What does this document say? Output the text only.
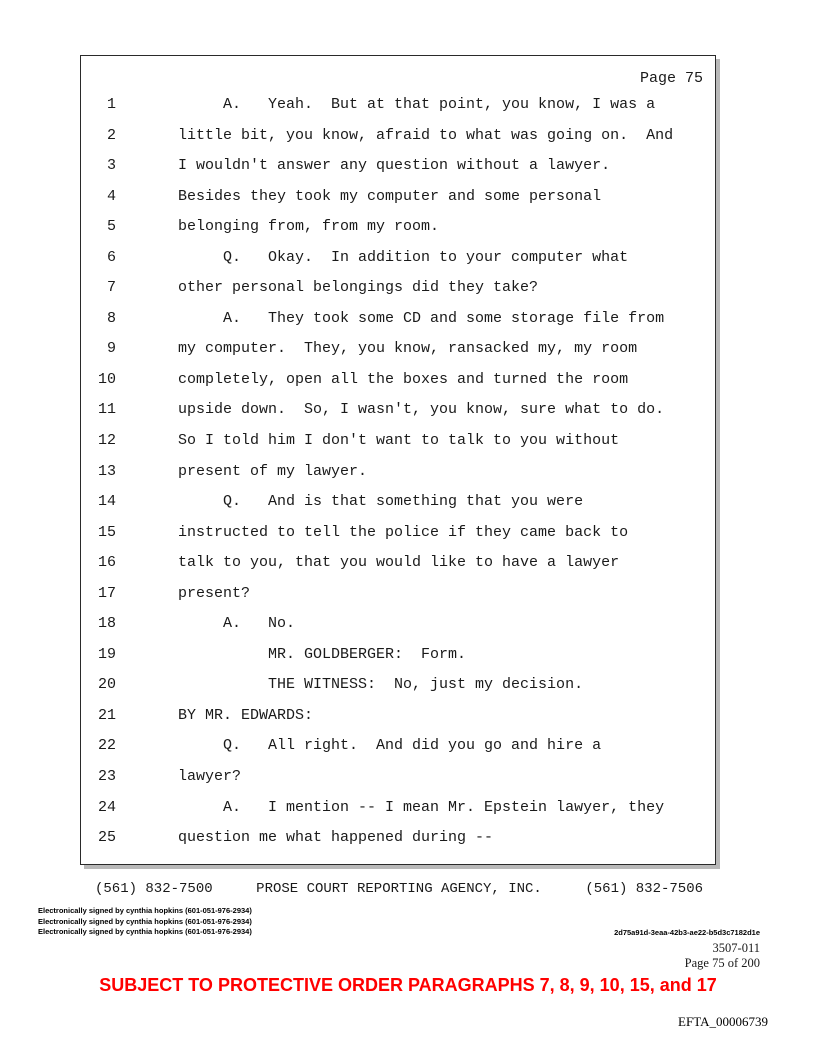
Page 75
1	A.   Yeah.  But at that point, you know, I was a
2	little bit, you know, afraid to what was going on.  And
3	I wouldn't answer any question without a lawyer.
4	Besides they took my computer and some personal
5	belonging from, from my room.
6	Q.   Okay.  In addition to your computer what
7	other personal belongings did they take?
8	A.   They took some CD and some storage file from
9	my computer.  They, you know, ransacked my, my room
10	completely, open all the boxes and turned the room
11	upside down.  So, I wasn't, you know, sure what to do.
12	So I told him I don't want to talk to you without
13	present of my lawyer.
14	Q.   And is that something that you were
15	instructed to tell the police if they came back to
16	talk to you, that you would like to have a lawyer
17	present?
18	A.   No.
19	MR. GOLDBERGER:  Form.
20	THE WITNESS:  No, just my decision.
21	BY MR. EDWARDS:
22	Q.   All right.  And did you go and hire a
23	lawyer?
24	A.   I mention -- I mean Mr. Epstein lawyer, they
25	question me what happened during --
(561) 832-7500	PROSE COURT REPORTING AGENCY, INC.	(561) 832-7506
Electronically signed by cynthia hopkins (601-051-976-2934)
Electronically signed by cynthia hopkins (601-051-976-2934)
Electronically signed by cynthia hopkins (601-051-976-2934)	2d75a91d-3eaa-42b3-ae22-b5d3c7182d1e
3507-011
Page 75 of 200
SUBJECT TO PROTECTIVE ORDER PARAGRAPHS 7, 8, 9, 10, 15, and 17
EFTA_00006739
